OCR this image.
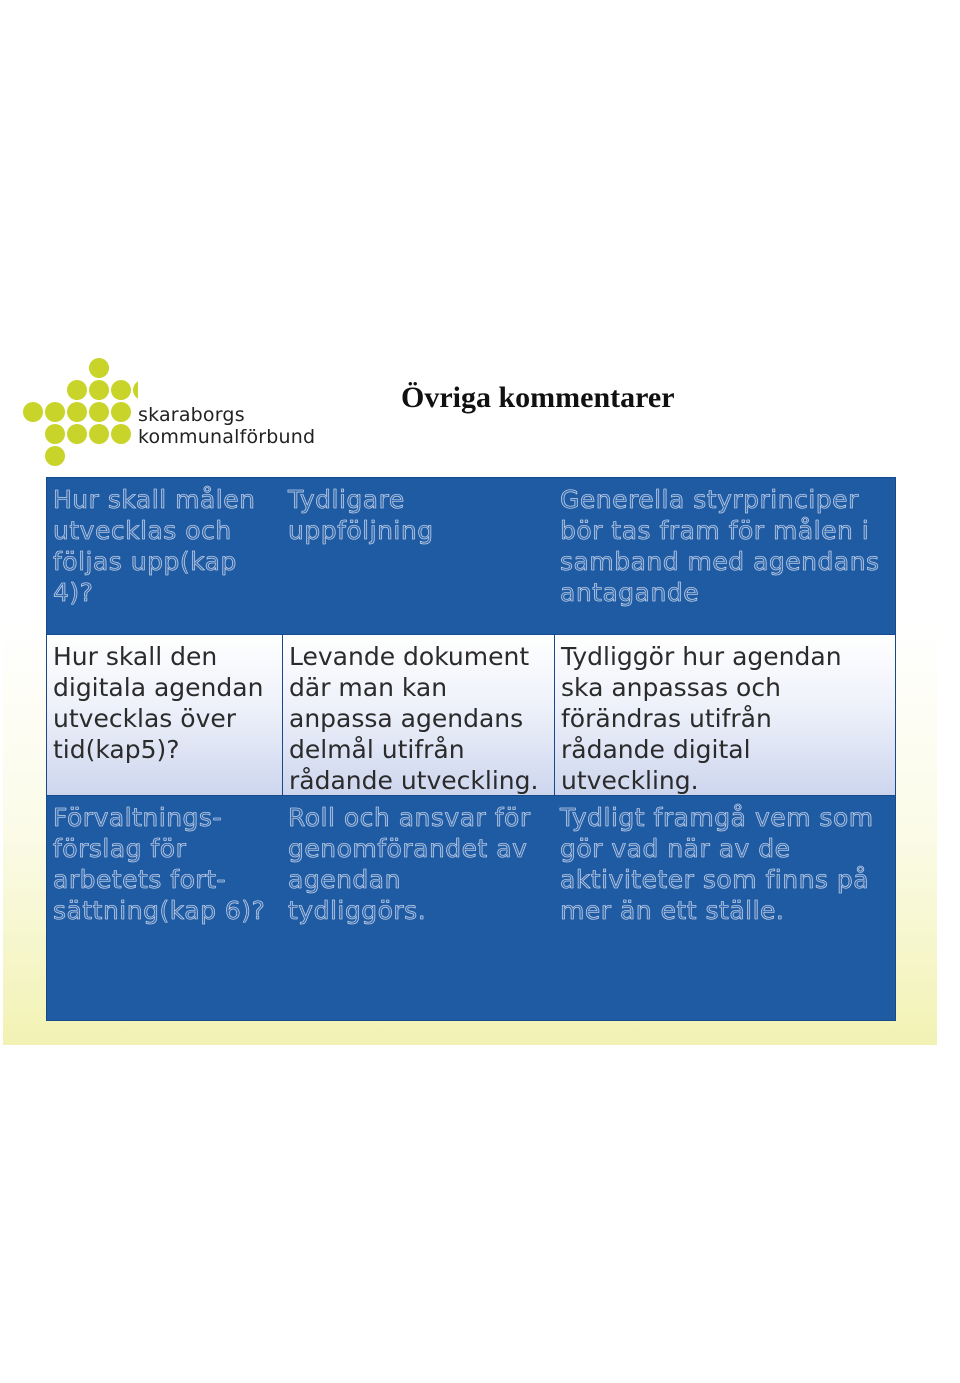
skaraborgs
kommunalförbund
Övriga kommentarer
Hur skall målen
utvecklas och
följas upp(kap
4)?
Tydligare
uppföljning
Generella styrprinciper
bör tas fram för målen i
samband med agendans
antagande
Hur skall den
digitala agendan
utvecklas över
tid(kap5)?
Levande dokument
där man kan
anpassa agendans
delmål utifrån
rådande utveckling.
Tydliggör hur agendan
ska anpassas och
förändras utifrån
rådande digital
utveckling.
Förvaltnings-
förslag för
arbetets fort-
sättning(kap 6)?
Roll och ansvar för
genomförandet av
agendan tydliggörs.
Tydligt framgå vem som
gör vad när av de
aktiviteter som finns på
mer än ett ställe.
